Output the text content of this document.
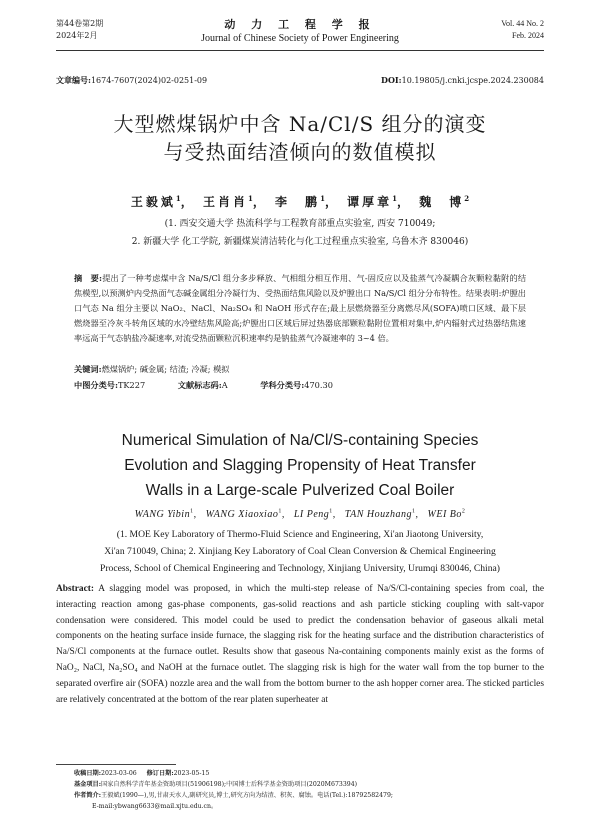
第44卷第2期
2024年2月
动 力 工 程 学 报
Journal of Chinese Society of Power Engineering
Vol. 44 No. 2
Feb. 2024
文章编号:1674-7607(2024)02-0251-09	DOI:10.19805/j.cnki.jcspe.2024.230084
大型燃煤锅炉中含 Na/Cl/S 组分的演变
与受热面结渣倾向的数值模拟
王毅斌$^1$， 王肖肖$^1$， 李　鹏$^1$， 谭厚章$^1$， 魏　博$^2$
(1. 西安交通大学 热流科学与工程教育部重点实验室, 西安 710049;
2. 新疆大学 化工学院, 新疆煤炭清洁转化与化工过程重点实验室, 乌鲁木齐 830046)
摘　要:提出了一种考虑煤中含 Na/S/Cl 组分多步释放、气相组分相互作用、气-固反应以及盐蒸气冷凝耦合灰颗粒黏附的结焦模型,以预测炉内受热面气态碱金属组分冷凝行为、受热面结焦风险以及炉膛出口 Na/S/Cl 组分分布特性。结果表明:炉膛出口气态 Na 组分主要以 NaO₂、NaCl、Na₂SO₄ 和 NaOH 形式存在;最上层燃烧器至分离燃尽风(SOFA)喷口区域、最下层燃烧器至冷灰斗转角区域的水冷壁结焦风险高;炉膛出口区域后屏过热器底部颗粒黏附位置相对集中,炉内辐射式过热器结焦速率远高于气态钠盐冷凝速率,对流受热面颗粒沉积速率约是钠盐蒸气冷凝速率的 3~4 倍。
关键词:燃煤锅炉; 碱金属; 结渣; 冷凝; 模拟
中图分类号:TK227	文献标志码:A	学科分类号:470.30
Numerical Simulation of Na/Cl/S-containing Species
Evolution and Slagging Propensity of Heat Transfer
Walls in a Large-scale Pulverized Coal Boiler
WANG Yibin$^1$,   WANG Xiaoxiao$^1$,   LI Peng$^1$,   TAN Houzhang$^1$,   WEI Bo$^2$
(1. MOE Key Laboratory of Thermo-Fluid Science and Engineering, Xi'an Jiaotong University,
Xi'an 710049, China; 2. Xinjiang Key Laboratory of Coal Clean Conversion & Chemical Engineering
Process, School of Chemical Engineering and Technology, Xinjiang University, Urumqi 830046, China)
Abstract: A slagging model was proposed, in which the multi-step release of Na/S/Cl-containing species from coal, the interacting reaction among gas-phase components, gas-solid reactions and ash particle sticking coupling with salt-vapor condensation were considered. This model could be used to predict the condensation behavior of gaseous alkali metal components on the heating surface inside furnace, the slagging risk for the heating surface and the distribution characteristics of Na/S/Cl components at the furnace outlet. Results show that gaseous Na-containing components mainly exist as the forms of NaO₂, NaCl, Na₂SO₄ and NaOH at the furnace outlet. The slagging risk is high for the water wall from the top burner to the separated overfire air (SOFA) nozzle area and the wall from the bottom burner to the ash hopper corner area. The sticked particles are relatively concentrated at the bottom of the rear platen superheater at
收稿日期:2023-03-06 修订日期:2023-05-15
基金项目:国家自然科学青年基金资助项目(51906198);中国博士后科学基金资助项目(2020M673394)
作者简介:王毅斌(1990—),男,甘肃天水人,副研究员,博士,研究方向为结渣、积灰、腐蚀。电话(Tel.):18792582479;
E-mail:ybwang6633@mail.xjtu.edu.cn。
